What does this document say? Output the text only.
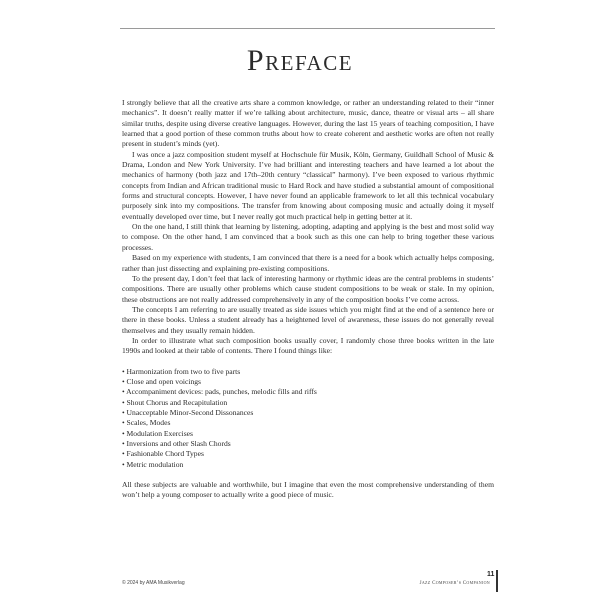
Preface

I strongly believe that all the creative arts share a common knowledge, or rather an understanding related to their “inner mechanics”. It doesn’t really matter if we’re talking about architecture, music, dance, theatre or visual arts – all share similar truths, despite using diverse creative languages. However, during the last 15 years of teaching composition, I have learned that a good portion of these common truths about how to create coherent and aesthetic works are often not really present in student’s minds (yet).

I was once a jazz composition student myself at Hochschule für Musik, Köln, Germany, Guildhall School of Music & Drama, London and New York University. I’ve had brilliant and interesting teachers and have learned a lot about the mechanics of harmony (both jazz and 17th–20th century “classical” harmony). I’ve been exposed to various rhythmic concepts from Indian and African traditional music to Hard Rock and have studied a substantial amount of compositional forms and structural concepts. However, I have never found an applicable framework to let all this technical vocabulary purposely sink into my compositions. The transfer from knowing about composing music and actually doing it myself eventually developed over time, but I never really got much practical help in getting better at it.

On the one hand, I still think that learning by listening, adopting, adapting and applying is the best and most solid way to compose. On the other hand, I am convinced that a book such as this one can help to bring together these various processes.

Based on my experience with students, I am convinced that there is a need for a book which actually helps composing, rather than just dissecting and explaining pre-existing compositions.

To the present day, I don’t feel that lack of interesting harmony or rhythmic ideas are the central problems in students’ compositions. There are usually other problems which cause student compositions to be weak or stale. In my opinion, these obstructions are not really addressed comprehensively in any of the composition books I’ve come across.

The concepts I am referring to are usually treated as side issues which you might find at the end of a sentence here or there in these books. Unless a student already has a heightened level of awareness, these issues do not generally reveal themselves and they usually remain hidden.

In order to illustrate what such composition books usually cover, I randomly chose three books written in the late 1990s and looked at their table of contents. There I found things like:

• Harmonization from two to five parts
• Close and open voicings
• Accompaniment devices: pads, punches, melodic fills and riffs
• Shout Chorus and Recapitulation
• Unacceptable Minor-Second Dissonances
• Scales, Modes
• Modulation Exercises
• Inversions and other Slash Chords
• Fashionable Chord Types
• Metric modulation

All these subjects are valuable and worthwhile, but I imagine that even the most comprehensive understanding of them won’t help a young composer to actually write a good piece of music.

© 2024 by AMA Musikverlag	Jazz Composer’s Companion
11
